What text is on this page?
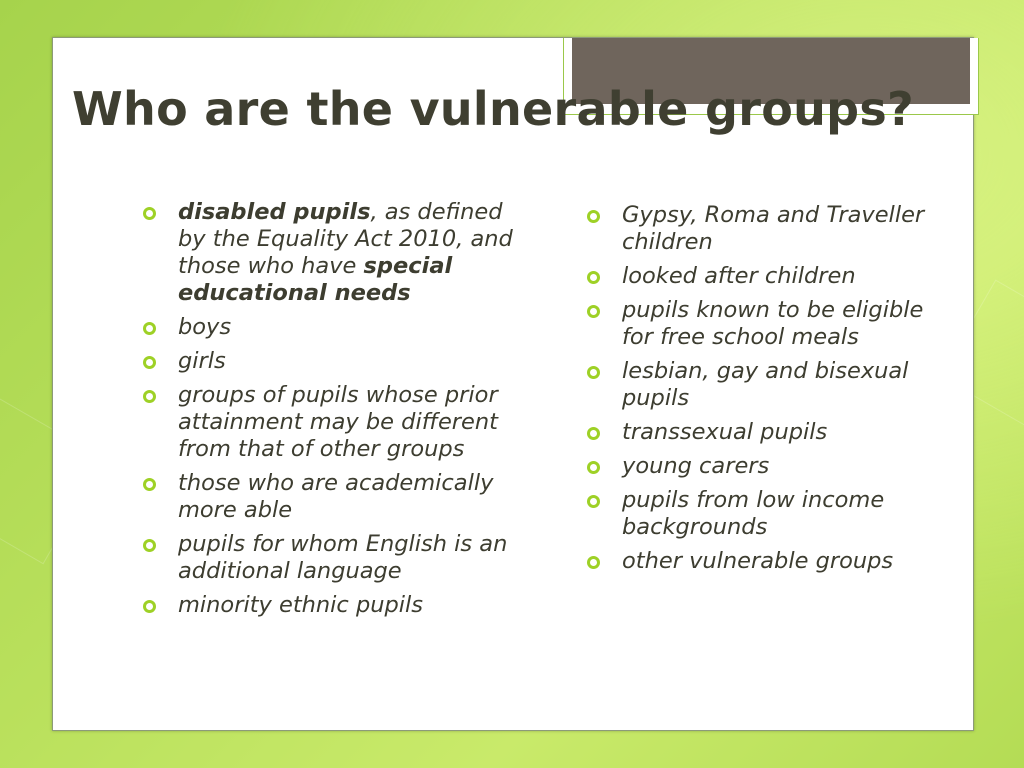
Who are the vulnerable groups?
disabled pupils, as defined by the Equality Act 2010, and those who have special educational needs
boys
girls
groups of pupils whose prior attainment may be different from that of other groups
those who are academically more able
pupils for whom English is an additional language
minority ethnic pupils
Gypsy, Roma and Traveller children
looked after children
pupils known to be eligible for free school meals
lesbian, gay and bisexual pupils
transsexual pupils
young carers
pupils from low income backgrounds
other vulnerable groups
